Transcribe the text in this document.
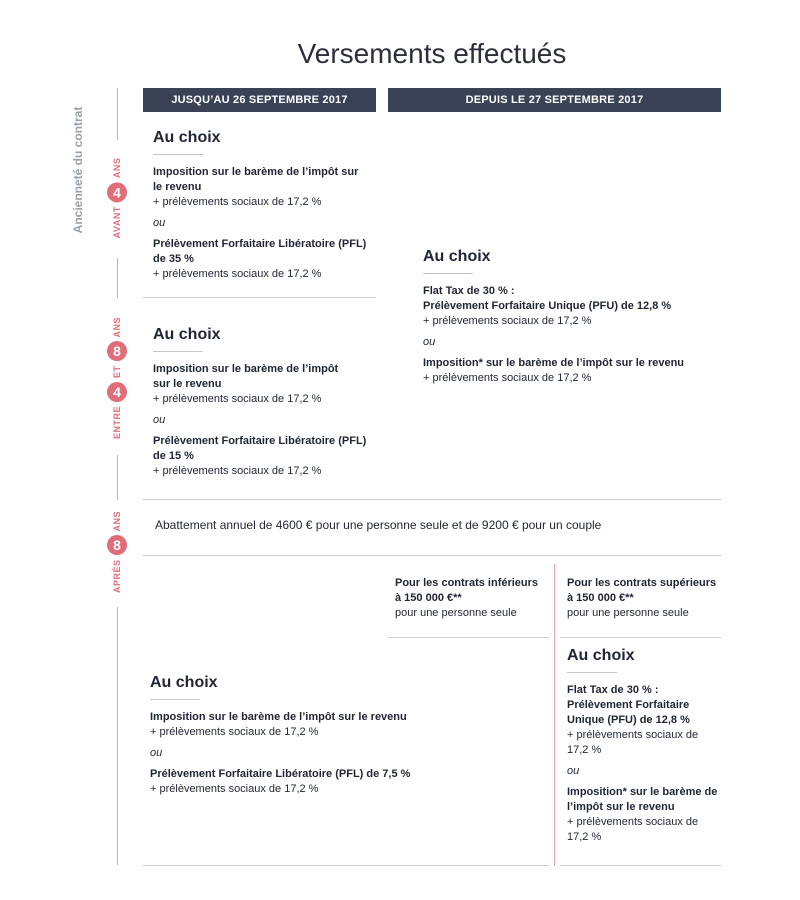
Versements effectués
Ancienneté du contrat	AVANT
4
ANS
ENTRE
4
ET
8
ANS
APRÈS
8
ANS
JUSQU’AU 26 SEPTEMBRE 2017	DEPUIS LE 27 SEPTEMBRE 2017
Au choix
Imposition sur le barème de l’impôt sur le revenu
+ prélèvements sociaux de 17,2 %
ou
Prélèvement Forfaitaire Libératoire (PFL) de 35 %
+ prélèvements sociaux de 17,2 %
Au choix
Imposition sur le barème de l’impôt sur le revenu
+ prélèvements sociaux de 17,2 %
ou
Prélèvement Forfaitaire Libératoire (PFL) de 15 %
+ prélèvements sociaux de 17,2 %
Au choix
Flat Tax de 30 % :
Prélèvement Forfaitaire Unique (PFU) de 12,8 %
+ prélèvements sociaux de 17,2 %
ou
Imposition* sur le barème de l’impôt sur le revenu
+ prélèvements sociaux de 17,2 %
Abattement annuel de 4600 € pour une personne seule et de 9200 € pour un couple
Pour les contrats inférieurs à 150 000 €**
pour une personne seule
Pour les contrats supérieurs à 150 000 €**
pour une personne seule
Au choix
Imposition sur le barème de l’impôt sur le revenu
+ prélèvements sociaux de 17,2 %
ou
Prélèvement Forfaitaire Libératoire (PFL) de 7,5 %
+ prélèvements sociaux de 17,2 %
Au choix
Flat Tax de 30 % : Prélèvement Forfaitaire Unique (PFU) de 12,8 %
+ prélèvements sociaux de 17,2 %
ou
Imposition* sur le barème de l’impôt sur le revenu
+ prélèvements sociaux de 17,2 %
